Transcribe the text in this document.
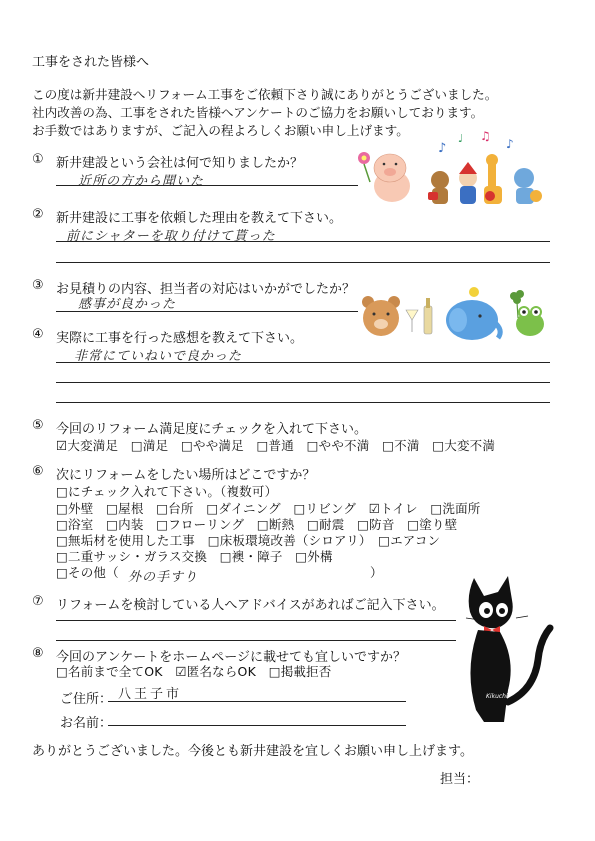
工事をされた皆様へ
この度は新井建設へリフォーム工事をご依頼下さり誠にありがとうございました。
社内改善の為、工事をされた皆様へアンケートのご協力をお願いしております。
お手数ではありますが、ご記入の程よろしくお願い申し上げます。
① 新井建設という会社は何で知りましたか？
近所の方から聞いた
② 新井建設に工事を依頼した理由を教えて下さい。
前にシャターを取り付けて貰った
③ お見積りの内容、担当者の対応はいかがでしたか？
感事が良かった
④ 実際に工事を行った感想を教えて下さい。
非常にていねいで良かった
⑤ 今回のリフォーム満足度にチェックを入れて下さい。
☑大変満足　□満足　□やや満足　□普通　□やや不満　□不満　□大変不満
⑥ 次にリフォームをしたい場所はどこですか？
□にチェック入れて下さい。（複数可）
□外壁　□屋根　□台所　□ダイニング　□リビング　☑トイレ　□洗面所
□浴室　□内装　□フローリング　□断熱　□耐震　□防音　□塗り壁
□無垢材を使用した工事　□床板環境改善（シロアリ）　□エアコン
□二重サッシ・ガラス交換　□襖・障子　□外構
□その他（ 外の手すり	）
⑦ リフォームを検討している人へアドバイスがあればご記入下さい。
⑧ 今回のアンケートをホームページに載せても宜しいですか？
□名前まで全てOK　☑匿名ならOK　□掲載拒否
ご住所： 八王子市
お名前：
ありがとうございました。今後とも新井建設を宜しくお願い申し上げます。
担当：
♪
♩ ♫
♪
Kikuchi
